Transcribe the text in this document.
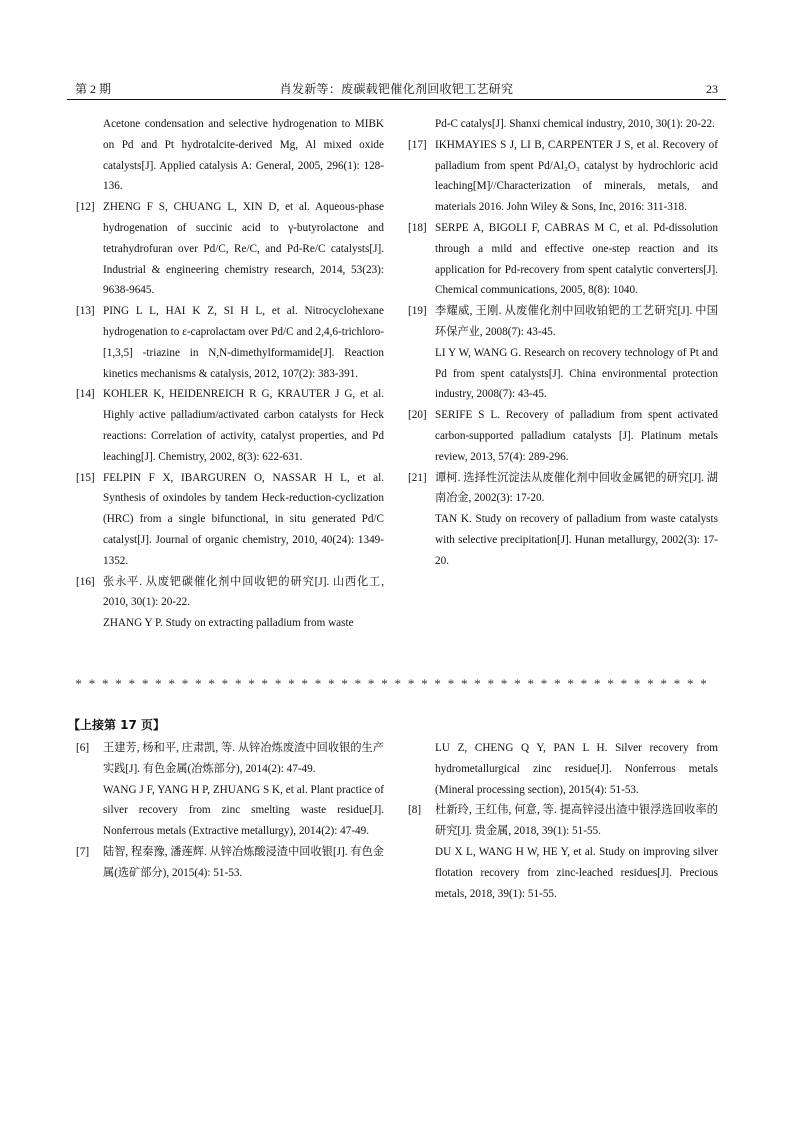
第 2 期	肖发新等：废碳载钯催化剂回收钯工艺研究	23
Acetone condensation and selective hydrogenation to MIBK on Pd and Pt hydrotalcite-derived Mg, Al mixed oxide catalysts[J]. Applied catalysis A: General, 2005, 296(1): 128-136.
[12] ZHENG F S, CHUANG L, XIN D, et al. Aqueous-phase hydrogenation of succinic acid to γ-butyrolactone and tetrahydrofuran over Pd/C, Re/C, and Pd-Re/C catalysts[J]. Industrial & engineering chemistry research, 2014, 53(23): 9638-9645.
[13] PING L L, HAI K Z, SI H L, et al. Nitrocyclohexane hydrogenation to ε-caprolactam over Pd/C and 2,4,6-trichloro-[1,3,5] -triazine in N,N-dimethylformamide[J]. Reaction kinetics mechanisms & catalysis, 2012, 107(2): 383-391.
[14] KOHLER K, HEIDENREICH R G, KRAUTER J G, et al. Highly active palladium/activated carbon catalysts for Heck reactions: Correlation of activity, catalyst properties, and Pd leaching[J]. Chemistry, 2002, 8(3): 622-631.
[15] FELPIN F X, IBARGUREN O, NASSAR H L, et al. Synthesis of oxindoles by tandem Heck-reduction-cyclization (HRC) from a single bifunctional, in situ generated Pd/C catalyst[J]. Journal of organic chemistry, 2010, 40(24): 1349-1352.
[16] 张永平. 从废钯碳催化剂中回收钯的研究[J]. 山西化工, 2010, 30(1): 20-22.
ZHANG Y P. Study on extracting palladium from waste
Pd-C catalys[J]. Shanxi chemical industry, 2010, 30(1): 20-22.
[17] IKHMAYIES S J, LI B, CARPENTER J S, et al. Recovery of palladium from spent Pd/Al₂O₃ catalyst by hydrochloric acid leaching[M]//Characterization of minerals, metals, and materials 2016. John Wiley & Sons, Inc, 2016: 311-318.
[18] SERPE A, BIGOLI F, CABRAS M C, et al. Pd-dissolution through a mild and effective one-step reaction and its application for Pd-recovery from spent catalytic converters[J]. Chemical communications, 2005, 8(8): 1040.
[19] 李耀威, 王刚. 从废催化剂中回收铂钯的工艺研究[J]. 中国环保产业, 2008(7): 43-45.
LI Y W, WANG G. Research on recovery technology of Pt and Pd from spent catalysts[J]. China environmental protection industry, 2008(7): 43-45.
[20] SERIFE S L. Recovery of palladium from spent activated carbon-supported palladium catalysts [J]. Platinum metals review, 2013, 57(4): 289-296.
[21] 谭柯. 选择性沉淀法从废催化剂中回收金属钯的研究[J]. 湖南冶金, 2002(3): 17-20.
TAN K. Study on recovery of palladium from waste catalysts with selective precipitation[J]. Hunan metallurgy, 2002(3): 17-20.
* * * * * * * * * * * * * * * * * * * * * * * * * * * * * * * * * * * * * * * * * * * * * * * *
【上接第 17 页】
[6] 王建芳, 杨和平, 庄肃凯, 等. 从锌冶炼废渣中回收银的生产实践[J]. 有色金属(冶炼部分), 2014(2): 47-49.
WANG J F, YANG H P, ZHUANG S K, et al. Plant practice of silver recovery from zinc smelting waste residue[J]. Nonferrous metals (Extractive metallurgy), 2014(2): 47-49.
[7] 陆智, 程秦豫, 潘莲辉. 从锌冶炼酸浸渣中回收银[J]. 有色金属(选矿部分), 2015(4): 51-53.
LU Z, CHENG Q Y, PAN L H. Silver recovery from hydrometallurgical zinc residue[J]. Nonferrous metals (Mineral processing section), 2015(4): 51-53.
[8] 杜新玲, 王红伟, 何意, 等. 提高锌浸出渣中银浮选回收率的研究[J]. 贵金属, 2018, 39(1): 51-55.
DU X L, WANG H W, HE Y, et al. Study on improving silver flotation recovery from zinc-leached residues[J]. Precious metals, 2018, 39(1): 51-55.
